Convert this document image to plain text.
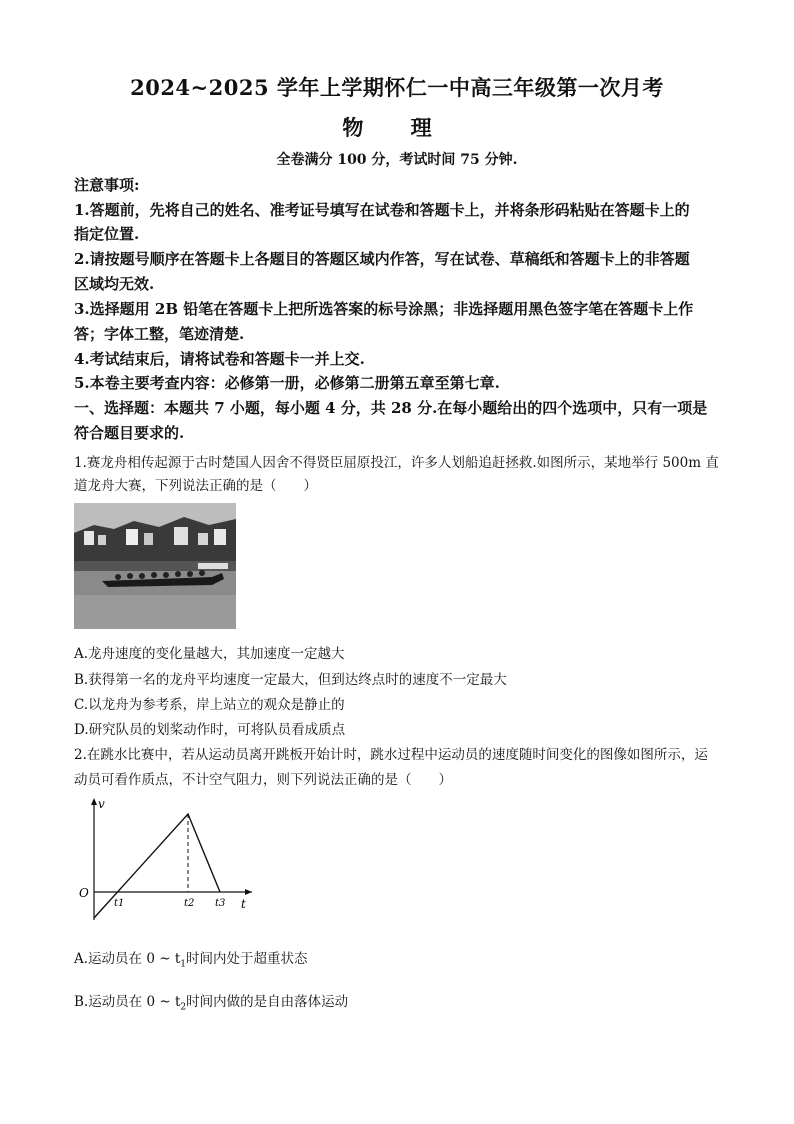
2024~2025 学年上学期怀仁一中高三年级第一次月考
物 理
全卷满分 100 分，考试时间 75 分钟.
注意事项:
1.答题前，先将自己的姓名、准考证号填写在试卷和答题卡上，并将条形码粘贴在答题卡上的
指定位置.
2.请按题号顺序在答题卡上各题目的答题区域内作答，写在试卷、草稿纸和答题卡上的非答题
区域均无效.
3.选择题用 2B 铅笔在答题卡上把所选答案的标号涂黑；非选择题用黑色签字笔在答题卡上作
答；字体工整，笔迹清楚.
4.考试结束后，请将试卷和答题卡一并上交.
5.本卷主要考查内容：必修第一册，必修第二册第五章至第七章.
一、选择题：本题共 7 小题，每小题 4 分，共 28 分.在每小题给出的四个选项中，只有一项是
符合题目要求的.
1.赛龙舟相传起源于古时楚国人因舍不得贤臣屈原投江，许多人划船追赶拯救.如图所示，某地举行 500m 直
道龙舟大赛，下列说法正确的是（　　）
A.龙舟速度的变化量越大，其加速度一定越大
B.获得第一名的龙舟平均速度一定最大，但到达终点时的速度不一定最大
C.以龙舟为参考系，岸上站立的观众是静止的
D.研究队员的划桨动作时，可将队员看成质点
2.在跳水比赛中，若从运动员离开跳板开始计时，跳水过程中运动员的速度随时间变化的图像如图所示，运
动员可看作质点，不计空气阻力，则下列说法正确的是（　　）
v
O
t
t1	t2 t3
A.运动员在 0 ~ $t_1$时间内处于超重状态
B.运动员在 0 ~ $t_2$时间内做的是自由落体运动
